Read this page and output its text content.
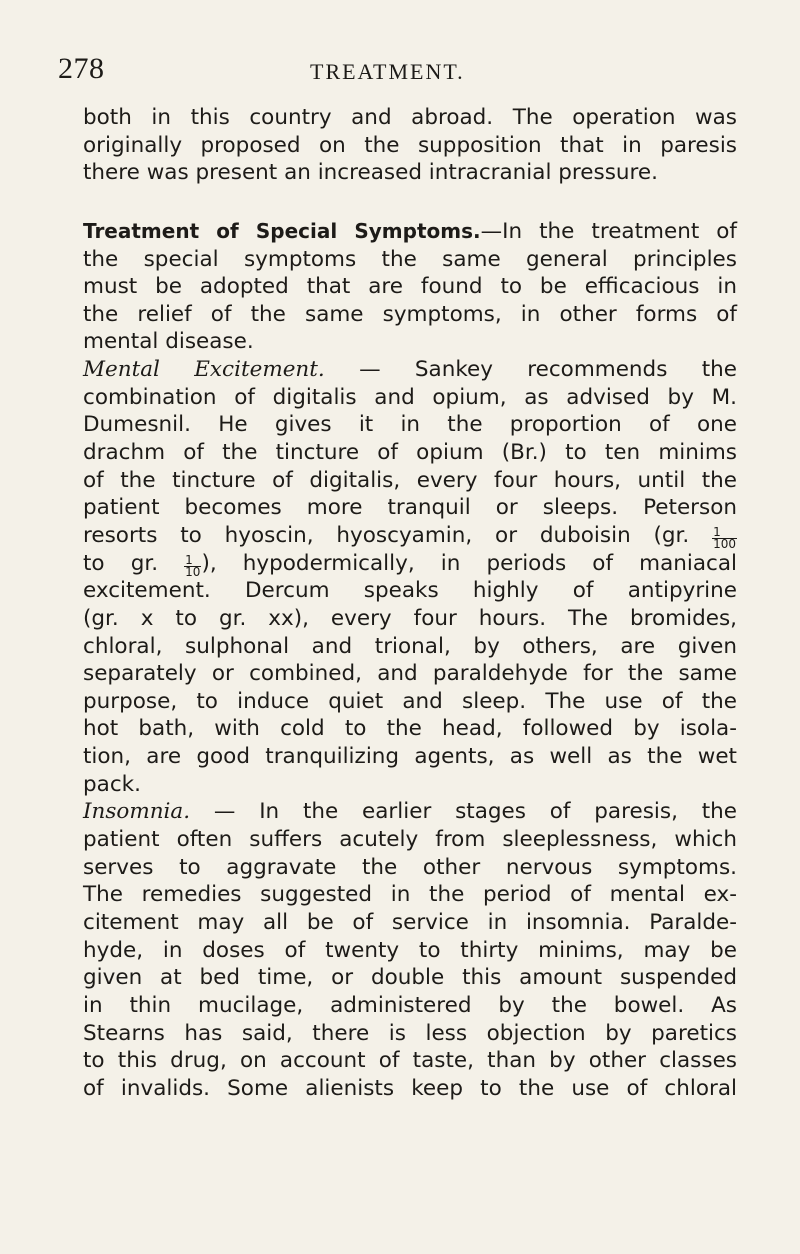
278	TREATMENT.

both in this country and abroad. The operation was
originally proposed on the supposition that in paresis
there was present an increased intracranial pressure.

Treatment of Special Symptoms.—In the treatment of
the special symptoms the same general principles
must be adopted that are found to be efficacious in
the relief of the same symptoms, in other forms of
mental disease.

Mental Excitement. — Sankey recommends the
combination of digitalis and opium, as advised by M.
Dumesnil. He gives it in the proportion of one
drachm of the tincture of opium (Br.) to ten minims
of the tincture of digitalis, every four hours, until the
patient becomes more tranquil or sleeps. Peterson
resorts to hyoscin, hyoscyamin, or duboisin (gr. $\frac{1}{100}$
to gr. $\frac{1}{10}$ ), hypodermically, in periods of maniacal
excitement. Dercum speaks highly of antipyrine
(gr. x to gr. xx), every four hours. The bromides,
chloral, sulphonal and trional, by others, are given
separately or combined, and paraldehyde for the same
purpose, to induce quiet and sleep. The use of the
hot bath, with cold to the head, followed by isola-
tion, are good tranquilizing agents, as well as the wet
pack.

Insomnia. — In the earlier stages of paresis, the
patient often suffers acutely from sleeplessness, which
serves to aggravate the other nervous symptoms.
The remedies suggested in the period of mental ex-
citement may all be of service in insomnia. Paralde-
hyde, in doses of twenty to thirty minims, may be
given at bed time, or double this amount suspended
in thin mucilage, administered by the bowel. As
Stearns has said, there is less objection by paretics
to this drug, on account of taste, than by other classes
of invalids. Some alienists keep to the use of chloral
